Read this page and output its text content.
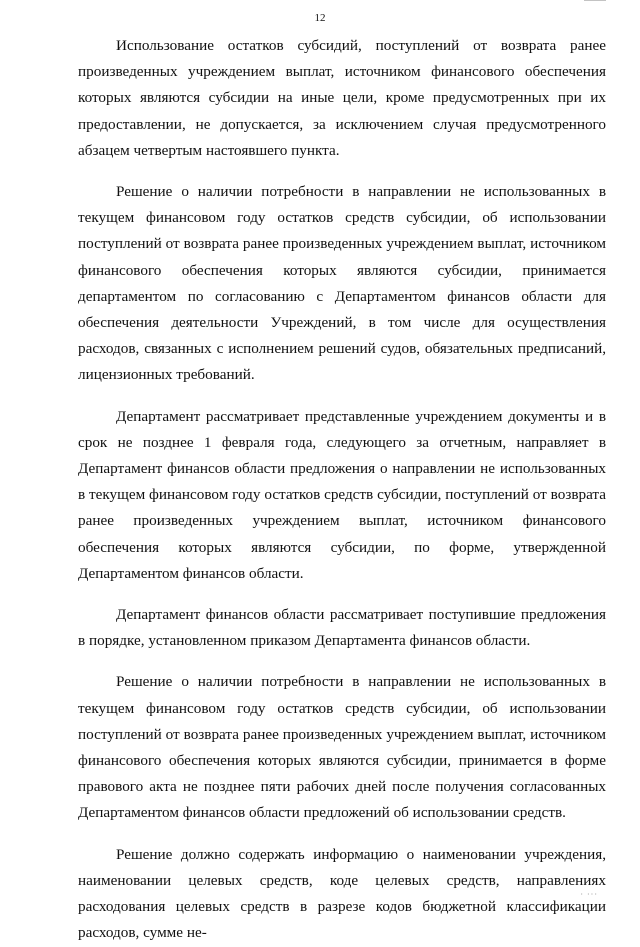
12

Использование остатков субсидий, поступлений от возврата ранее произведенных учреждением выплат, источником финансового обеспечения которых являются субсидии на иные цели, кроме предусмотренных при их предоставлении, не допускается, за исключением случая предусмотренного абзацем четвертым настоявшего пункта.

Решение о наличии потребности в направлении не использованных в текущем финансовом году остатков средств субсидии, об использовании поступлений от возврата ранее произведенных учреждением выплат, источником финансового обеспечения которых являются субсидии, принимается департаментом по согласованию с Департаментом финансов области для обеспечения деятельности Учреждений, в том числе для осуществления расходов, связанных с исполнением решений судов, обязательных предписаний, лицензионных требований.

Департамент рассматривает представленные учреждением документы и в срок не позднее 1 февраля года, следующего за отчетным, направляет в Департамент финансов области предложения о направлении не использованных в текущем финансовом году остатков средств субсидии, поступлений от возврата ранее произведенных учреждением выплат, источником финансового обеспечения которых являются субсидии, по форме, утвержденной Департаментом финансов области.

Департамент финансов области рассматривает поступившие предложения в порядке, установленном приказом Департамента финансов области.

Решение о наличии потребности в направлении не использованных в текущем финансовом году остатков средств субсидии, об использовании поступлений от возврата ранее произведенных учреждением выплат, источником финансового обеспечения которых являются субсидии, принимается в форме правового акта не позднее пяти рабочих дней после получения согласованных Департаментом финансов области предложений об использовании средств.

Решение должно содержать информацию о наименовании учреждения, наименовании целевых средств, коде целевых средств, направлениях расходования целевых средств в разрезе кодов бюджетной классификации расходов, сумме не-

· ···
